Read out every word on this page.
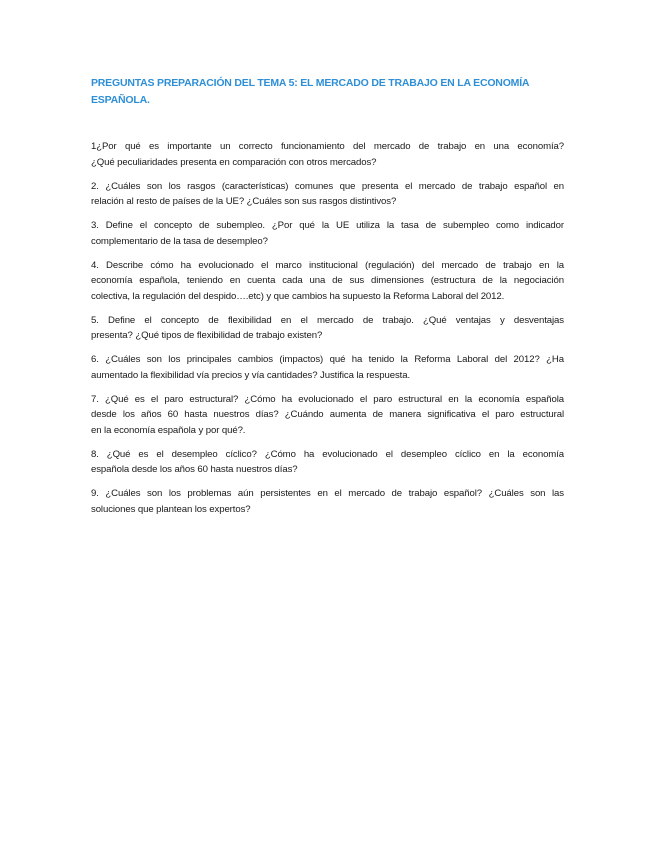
PREGUNTAS PREPARACIÓN DEL TEMA 5: EL MERCADO DE TRABAJO EN LA ECONOMÍA ESPAÑOLA.
1¿Por qué es importante un correcto funcionamiento del mercado de trabajo en una economía?
¿Qué peculiaridades presenta en comparación con otros mercados?
2. ¿Cuáles son los rasgos (características) comunes que presenta el mercado de trabajo español en
relación al resto de países de la UE? ¿Cuáles son sus rasgos distintivos?
3. Define el concepto de subempleo. ¿Por qué la UE utiliza la tasa de subempleo como indicador
complementario de la tasa de desempleo?
4. Describe cómo ha evolucionado el marco institucional (regulación) del mercado de trabajo en la
economía española, teniendo en cuenta cada una de sus dimensiones (estructura de la negociación
colectiva, la regulación del despido….etc) y que cambios ha supuesto la Reforma Laboral del 2012.
5. Define el concepto de flexibilidad en el mercado de trabajo. ¿Qué ventajas y desventajas
presenta? ¿Qué tipos de flexibilidad de trabajo existen?
6. ¿Cuáles son los principales cambios (impactos) qué ha tenido la Reforma Laboral del 2012? ¿Ha
aumentado la flexibilidad vía precios y vía cantidades? Justifica la respuesta.
7. ¿Qué es el paro estructural? ¿Cómo ha evolucionado el paro estructural en la economía española
desde los años 60 hasta nuestros días? ¿Cuándo aumenta de manera significativa el paro estructural
en la economía española y por qué?.
8. ¿Qué es el desempleo cíclico? ¿Cómo ha evolucionado el desempleo cíclico en la economía
española desde los años 60 hasta nuestros días?
9. ¿Cuáles son los problemas aún persistentes en el mercado de trabajo español? ¿Cuáles son las
soluciones que plantean los expertos?
